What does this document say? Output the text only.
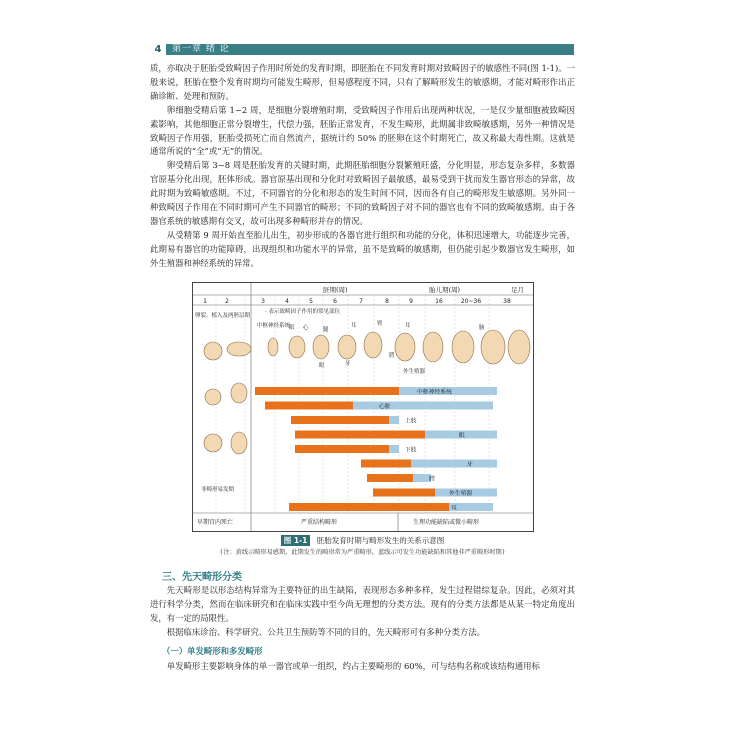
4	第一章 绪 论

质，亦取决于胚胎受致畸因子作用时所处的发育时期，即胚胎在不同发育时期对致畸因子的敏感性不同(图 1-1)。一般来说，胚胎在整个发育时期均可能发生畸形，但易感程度不同，只有了解畸形发生的敏感期，才能对畸形作出正确诊断、处理和预防。

卵细胞受精后第 1~2 周，是细胞分裂增殖时期，受致畸因子作用后出现两种状况，一是仅少量细胞被致畸因素影响，其他细胞正常分裂增生，代偿力强，胚胎正常发育，不发生畸形，此期属非致畸敏感期，另外一种情况是致畸因子作用强，胚胎受损死亡而自然流产，据统计约 50% 的胚卵在这个时期死亡，故又称最大毒性期。这就是通常所说的“全”或“无”的情况。

卵受精后第 3~8 周是胚胎发育的关键时期，此期胚胎细胞分裂繁殖旺盛，分化明显，形态复杂多样，多数器官原基分化出现，胚体形成。器官原基出现和分化时对致畸因子最敏感，最易受到干扰而发生器官形态的异常，故此时期为致畸敏感期。不过，不同器官的分化和形态的发生时间不同，因而各有自己的畸形发生敏感期。另外同一种致畸因子作用在不同时期可产生不同器官的畸形；不同的致畸因子对不同的器官也有不同的致畸敏感期。由于各器官系统的敏感期有交叉，故可出现多种畸形并存的情况。

从受精第 9 周开始直至胎儿出生，初步形成的各器官进行组织和功能的分化，体积迅速增大，功能逐步完善，此期易有器官的功能障碍，出现组织和功能水平的异常，虽不是致畸的敏感期，但仍能引起少数器官发生畸形，如外生殖器和神经系统的异常。

胚期(周)	胎儿期(周)	足月
1	2	3	4	5	6	7	8	9	16	20~36	38
卵裂、植入及两胚层期
· 表示致畸因子作用的常见部位
中枢神经系统
眼 心	腿
耳	臂	耳
腭
牙
脑
眼
外生殖器
中枢神经系统
心脏
上肢
眼
下肢
牙
腭
外生殖器
耳
非畸形易发期
早期宫内死亡	严重结构畸形	生理功能缺陷或微小畸形
图 1-1 胚胎发育时期与畸形发生的关系示意图
(注：黄线示畸形易感期，此期发生的畸形常为严重畸形，蓝线示可发生功能缺陷和其他非严重畸形时期)
三、先天畸形分类

先天畸形是以形态结构异常为主要特征的出生缺陷，表现形态多种多样，发生过程错综复杂。因此，必须对其进行科学分类，然而在临床研究和在临床实践中至今尚无理想的分类方法。现有的分类方法都是从某一特定角度出发，有一定的局限性。

根据临床诊治、科学研究、公共卫生预防等不同的目的，先天畸形可有多种分类方法。

（一）单发畸形和多发畸形

单发畸形主要影响身体的单一器官或单一组织，约占主要畸形的 60%，可与结构名称或该结构通用标
